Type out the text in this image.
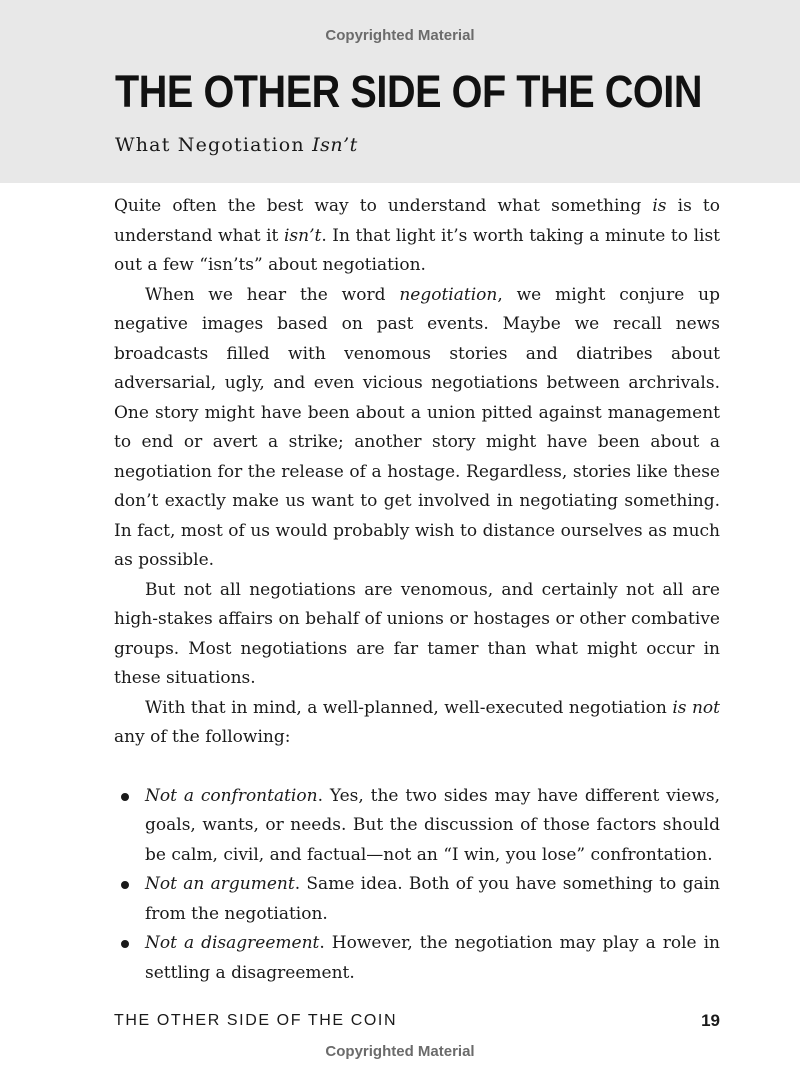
Copyrighted Material
THE OTHER SIDE OF THE COIN
What Negotiation Isn’t

Quite often the best way to understand what something is is to understand what it isn’t. In that light it’s worth taking a minute to list out a few “isn’ts” about negotiation.

When we hear the word negotiation, we might conjure up negative images based on past events. Maybe we recall news broadcasts filled with venomous stories and diatribes about adversarial, ugly, and even vicious negotiations between archrivals. One story might have been about a union pitted against management to end or avert a strike; another story might have been about a negotiation for the release of a hostage. Regardless, stories like these don’t exactly make us want to get involved in negotiating something. In fact, most of us would probably wish to distance ourselves as much as possible.

But not all negotiations are venomous, and certainly not all are high-stakes affairs on behalf of unions or hostages or other combative groups. Most negotiations are far tamer than what might occur in these situations.

With that in mind, a well-planned, well-executed negotiation is not any of the following:

Not a confrontation. Yes, the two sides may have different views, goals, wants, or needs. But the discussion of those factors should be calm, civil, and factual—not an “I win, you lose” confrontation.
Not an argument. Same idea. Both of you have something to gain from the negotiation.
Not a disagreement. However, the negotiation may play a role in settling a disagreement.
THE OTHER SIDE OF THE COIN	19
Copyrighted Material
